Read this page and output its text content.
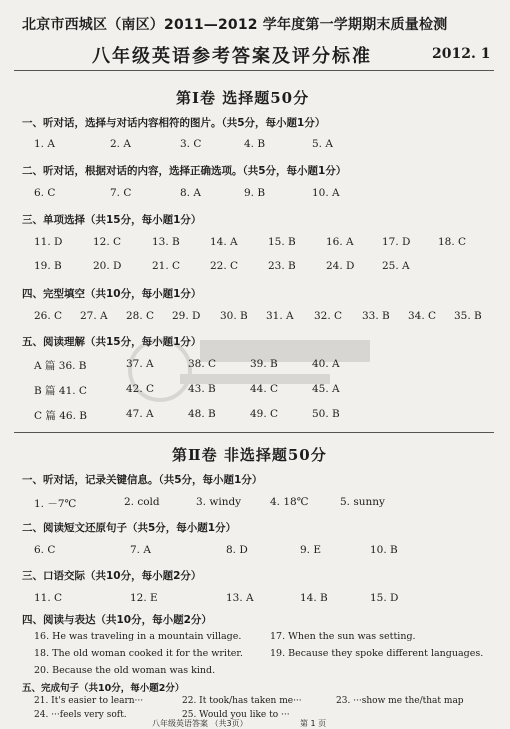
北京市西城区（南区）2011—2012 学年度第一学期期末质量检测
八年级英语参考答案及评分标准	2012. 1
第Ⅰ卷 选择题50分
一、听对话，选择与对话内容相符的图片。（共5分，每小题1分）
1. A	2. A	3. C	4. B	5. A
二、听对话，根据对话的内容，选择正确选项。（共5分，每小题1分）
6. C	7. C	8. A	9. B	10. A
三、单项选择（共15分，每小题1分）
11. D	12. C	13. B	14. A	15. B	16. A	17. D	18. C
19. B	20. D	21. C	22. C	23. B	24. D	25. A
四、完型填空（共10分，每小题1分）
26. C 27. A 28. C 29. D 30. B 31. A 32. C 33. B 34. C 35. B
五、阅读理解（共15分，每小题1分）
A 篇 36. B	37. A	38. C	39. B	40. A
B 篇 41. C	42. C	43. B	44. C	45. A
C 篇 46. B	47. A	48. B	49. C	50. B
第Ⅱ卷 非选择题50分
一、听对话，记录关键信息。（共5分，每小题1分）
1. －7℃	2. cold	3. windy	4. 18℃	5. sunny
二、阅读短文还原句子（共5分，每小题1分）
6. C	7. A	8. D	9. E	10. B
三、口语交际（共10分，每小题2分）
11. C	12. E	13. A	14. B	15. D
四、阅读与表达（共10分，每小题2分）
16. He was traveling in a mountain village.	17. When the sun was setting.
18. The old woman cooked it for the writer.	19. Because they spoke different languages.
20. Because the old woman was kind.
五、完成句子（共10分，每小题2分）
21. It's easier to learn···	22. It took/has taken me···	23. ···show me the/that map
24. ···feels very soft.	25. Would you like to ···
八年级英语答案 （共3页）	第 1 页
